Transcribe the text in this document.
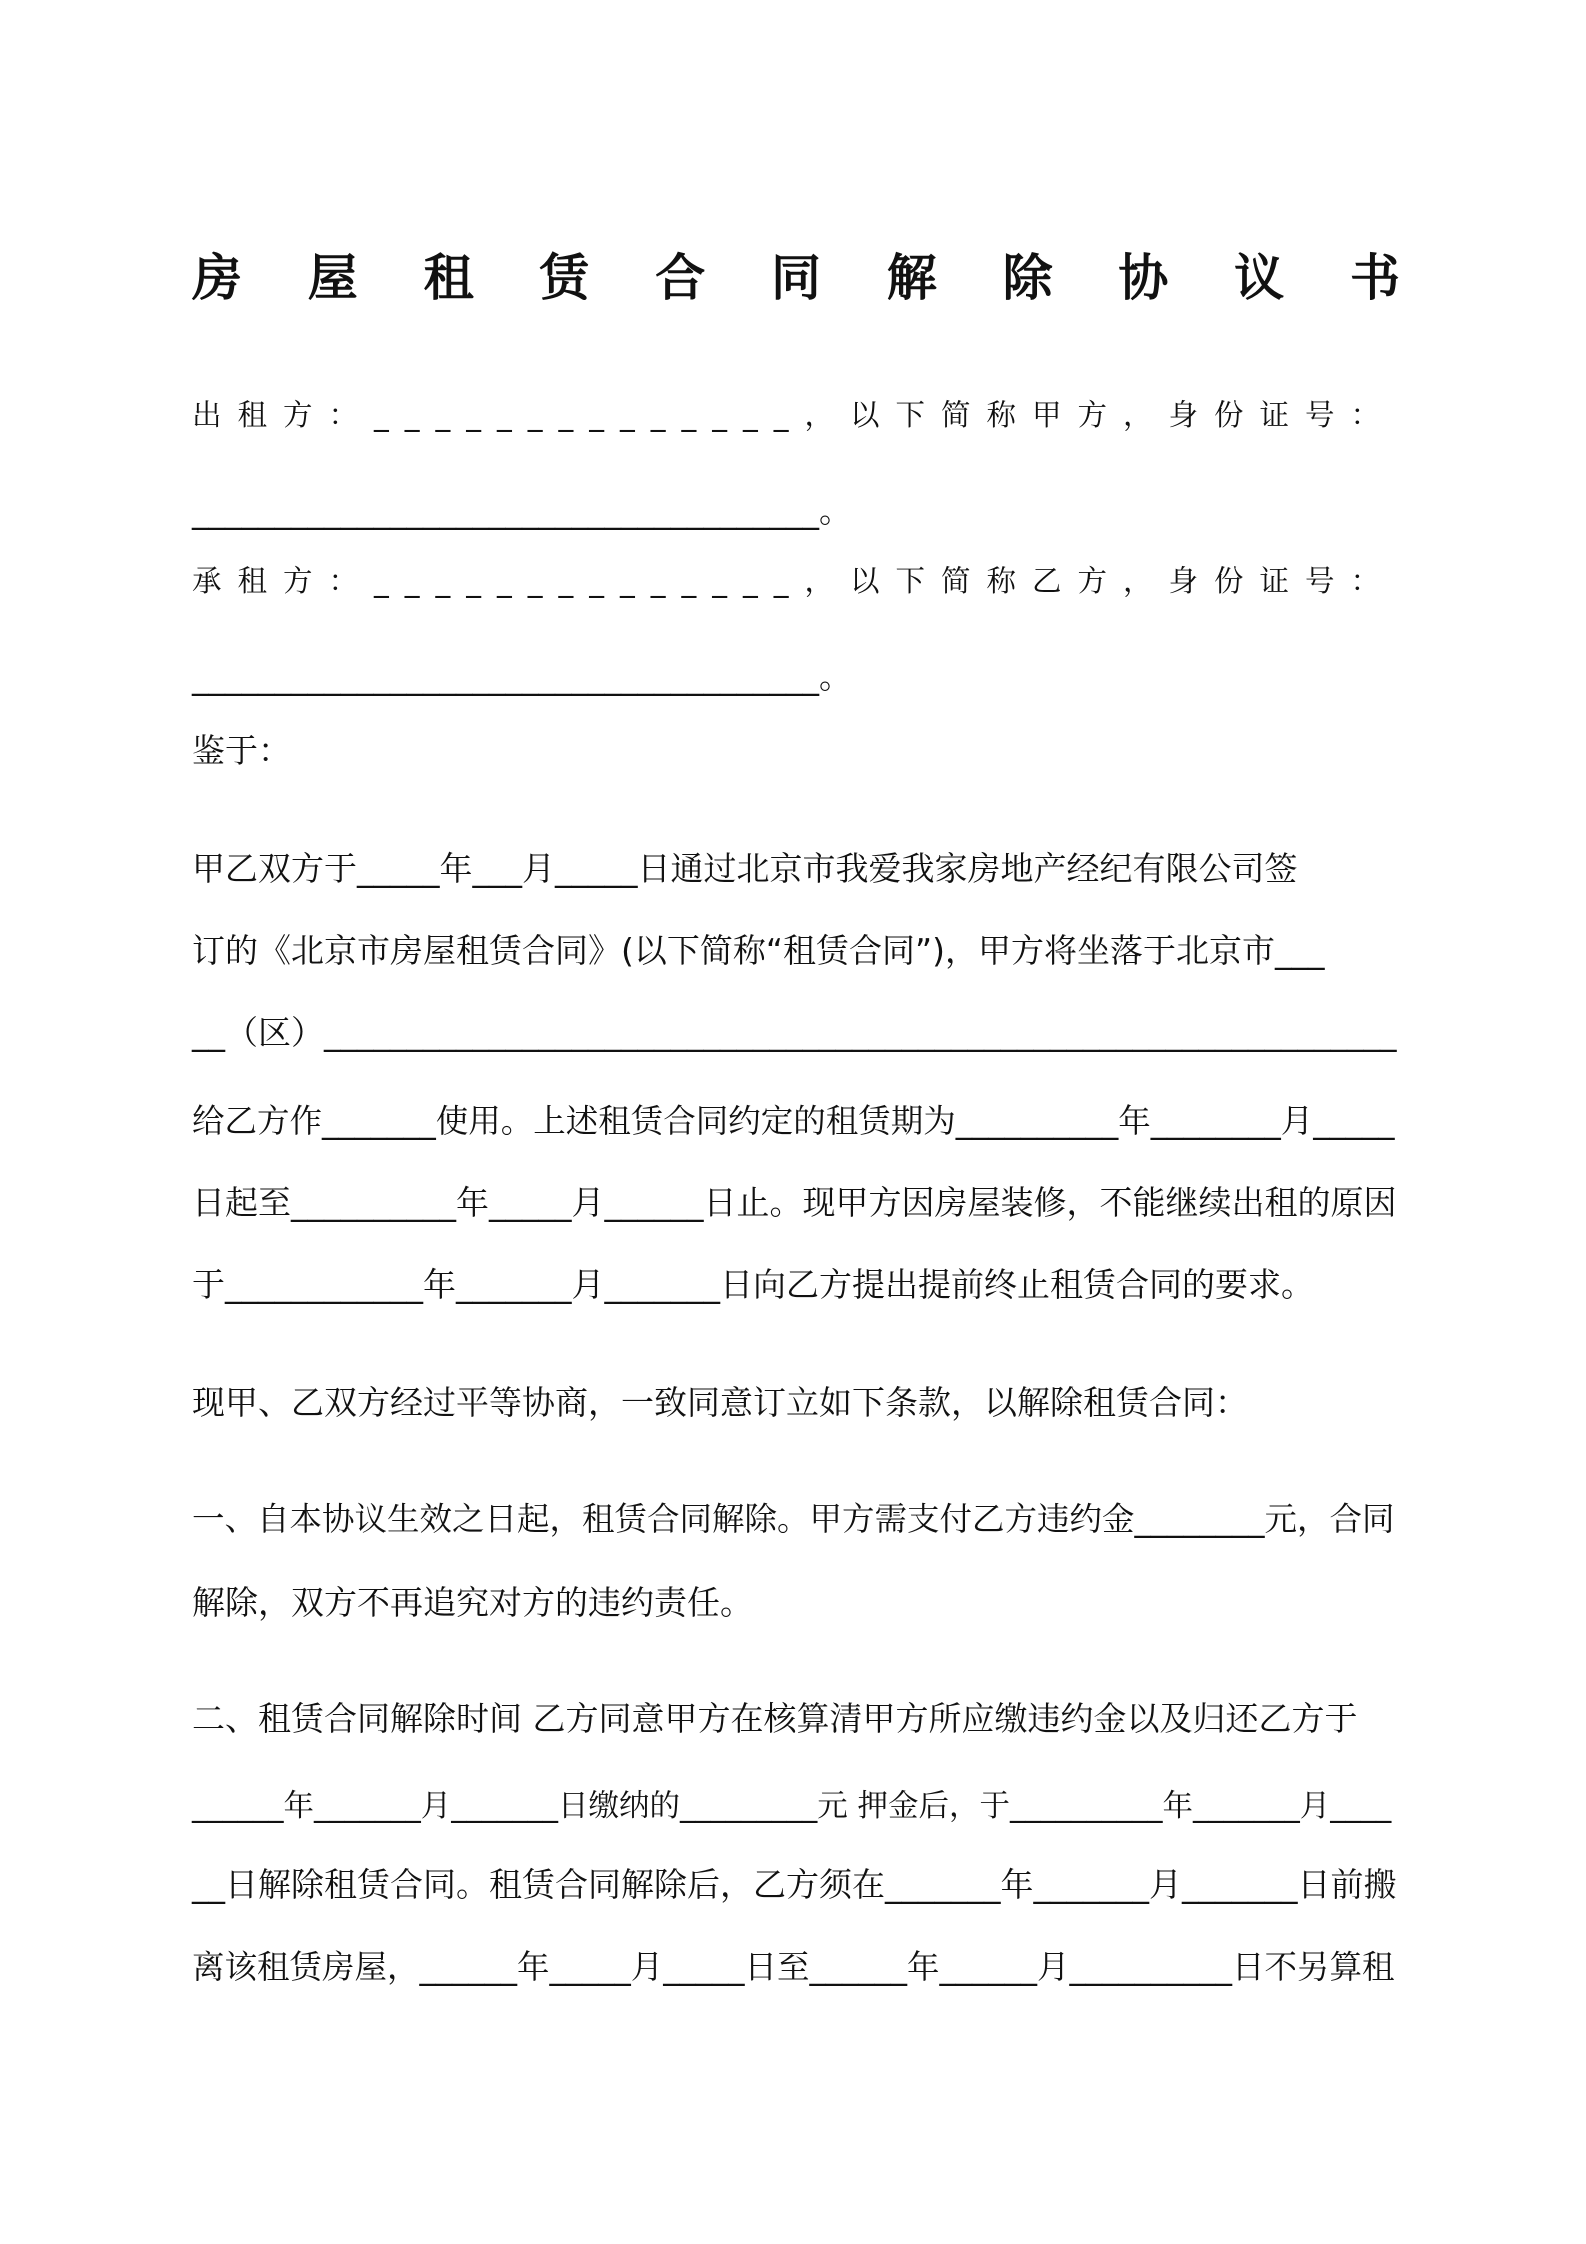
房 屋 租 赁 合 同 解 除 协 议 书

出租方：______________，以下简称甲方，身份证号：

______________________________________。

承租方：______________，以下简称乙方，身份证号：

______________________________________。

鉴于：

甲乙双方于_____年___月_____日通过北京市我爱我家房地产经纪有限公司签

订的《北京市房屋租赁合同》(以下简称“租赁合同”)，甲方将坐落于北京市___

__（区）_________________________________________________________________

给乙方作_______使用。上述租赁合同约定的租赁期为__________年________月_____

日起至__________年_____月______日止。现甲方因房屋装修，不能继续出租的原因

于____________年_______月_______日向乙方提出提前终止租赁合同的要求。

现甲、乙双方经过平等协商，一致同意订立如下条款，以解除租赁合同：

一、自本协议生效之日起，租赁合同解除。甲方需支付乙方违约金________元，合同

解除，双方不再追究对方的违约责任。

二、租赁合同解除时间 乙方同意甲方在核算清甲方所应缴违约金以及归还乙方于

______年_______月_______日缴纳的_________元 押金后，于__________年_______月____

__日解除租赁合同。租赁合同解除后，乙方须在_______年_______月_______日前搬

离该租赁房屋，______年_____月_____日至______年______月__________日不另算租
